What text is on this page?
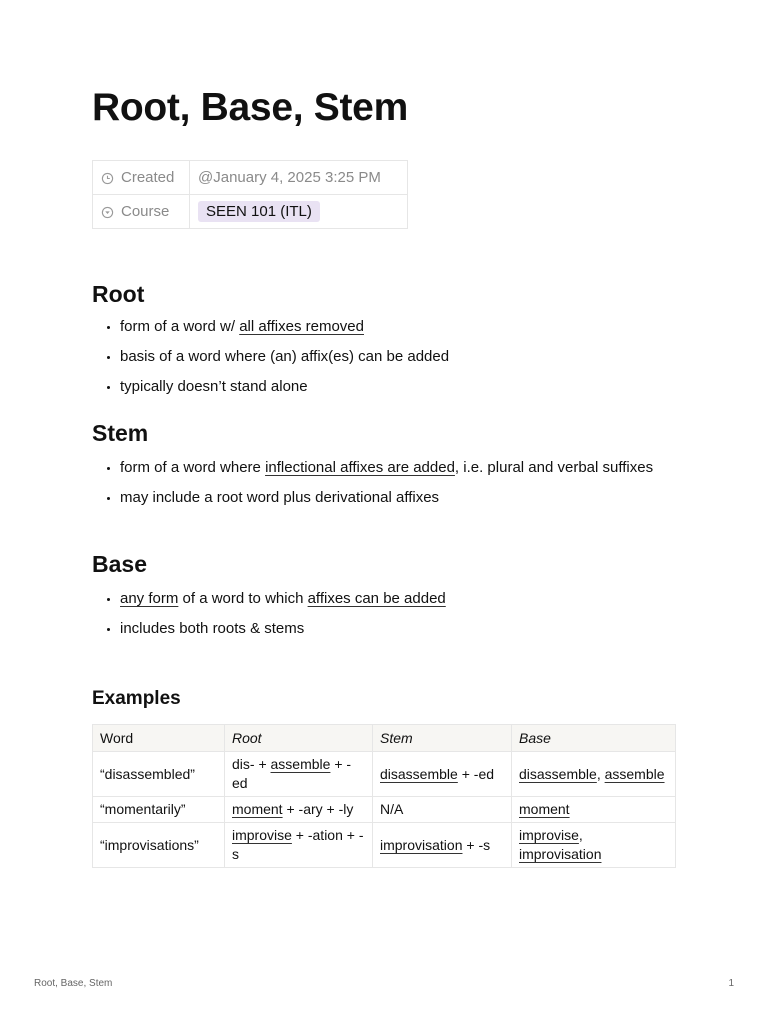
Root, Base, Stem
Created	@January 4, 2025 3:25 PM
Course	SEEN 101 (ITL)
Root
• form of a word w/ all affixes removed
• basis of a word where (an) affix(es) can be added
• typically doesn’t stand alone
Stem
• form of a word where inflectional affixes are added, i.e. plural and verbal suffixes
• may include a root word plus derivational affixes
Base
• any form of a word to which affixes can be added
• includes both roots & stems
Examples
Word	Root	Stem	Base
“disassembled”	dis- + assemble + -ed	disassemble + -ed	disassemble, assemble
“momentarily”	moment + -ary + -ly	N/A	moment
“improvisations”	improvise + -ation + -s	improvisation + -s	improvise, improvisation
Root, Base, Stem	1
